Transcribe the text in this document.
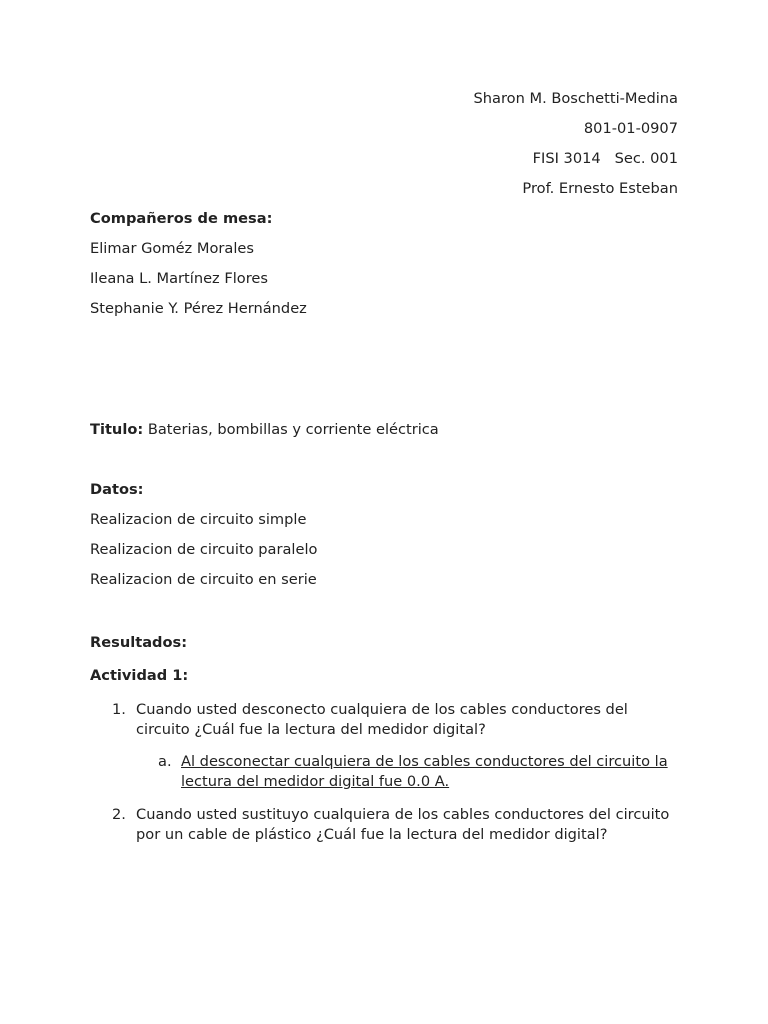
Sharon M. Boschetti-Medina
801-01-0907
FISI 3014   Sec. 001
Prof. Ernesto Esteban
Compañeros de mesa:
Elimar Goméz Morales
Ileana L. Martínez Flores
Stephanie Y. Pérez Hernández
Titulo: Baterias, bombillas y corriente eléctrica
Datos:
Realizacion de circuito simple
Realizacion de circuito paralelo
Realizacion de circuito en serie
Resultados:
Actividad 1:
1. Cuando usted desconecto cualquiera de los cables conductores del circuito ¿Cuál fue la lectura del medidor digital?
a. Al desconectar cualquiera de los cables conductores del circuito la lectura del medidor digital fue 0.0 A.
2. Cuando usted sustituyo cualquiera de los cables conductores del circuito por un cable de plástico ¿Cuál fue la lectura del medidor digital?
